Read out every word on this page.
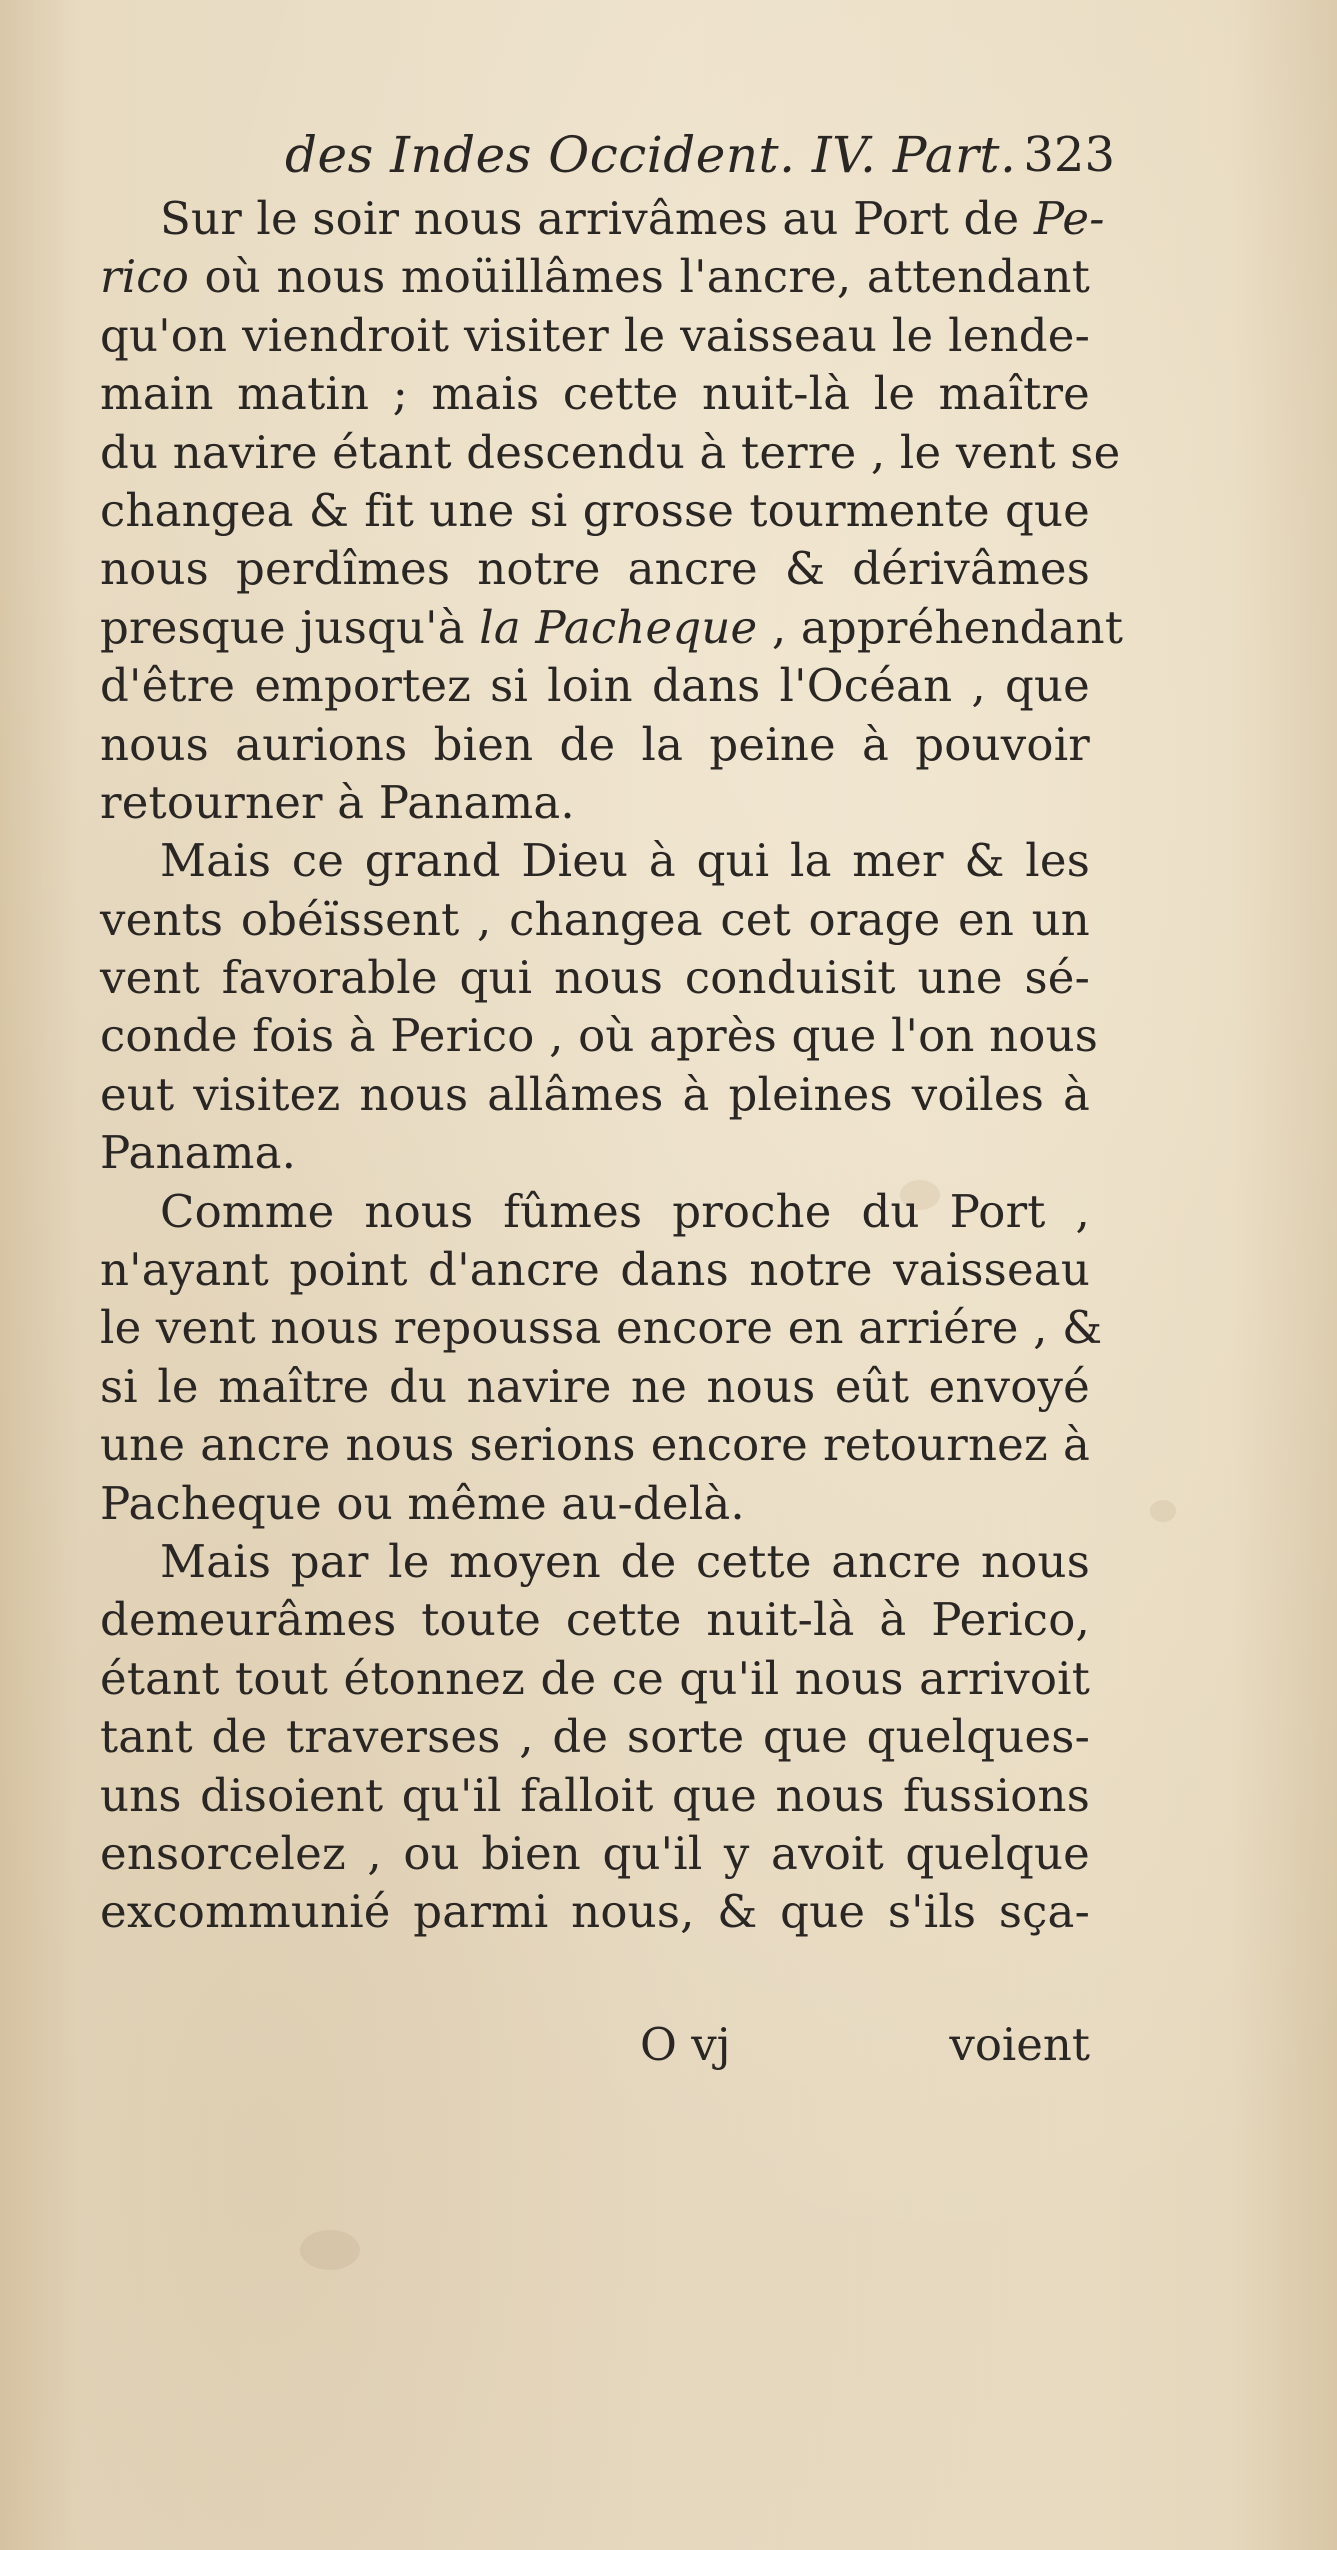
des Indes Occident. IV. Part. 323
Sur le soir nous arrivâmes au Port de Pe-
rico où nous moüillâmes l'ancre, attendant
qu'on viendroit visiter le vaisseau le lende-
main matin ; mais cette nuit-là le maître
du navire étant descendu à terre , le vent se
changea & fit une si grosse tourmente que
nous perdîmes notre ancre & dérivâmes
presque jusqu'à la Pacheque , appréhendant
d'être emportez si loin dans l'Océan , que
nous aurions bien de la peine à pouvoir
retourner à Panama.
Mais ce grand Dieu à qui la mer & les
vents obéïssent , changea cet orage en un
vent favorable qui nous conduisit une sé-
conde fois à Perico , où après que l'on nous
eut visitez nous allâmes à pleines voiles à
Panama.
Comme nous fûmes proche du Port ,
n'ayant point d'ancre dans notre vaisseau
le vent nous repoussa encore en arriére , &
si le maître du navire ne nous eût envoyé
une ancre nous serions encore retournez à
Pacheque ou même au-delà.
Mais par le moyen de cette ancre nous
demeurâmes toute cette nuit-là à Perico,
étant tout étonnez de ce qu'il nous arrivoit
tant de traverses , de sorte que quelques-
uns disoient qu'il falloit que nous fussions
ensorcelez , ou bien qu'il y avoit quelque
excommunié parmi nous, & que s'ils sça-
O vj	voient
